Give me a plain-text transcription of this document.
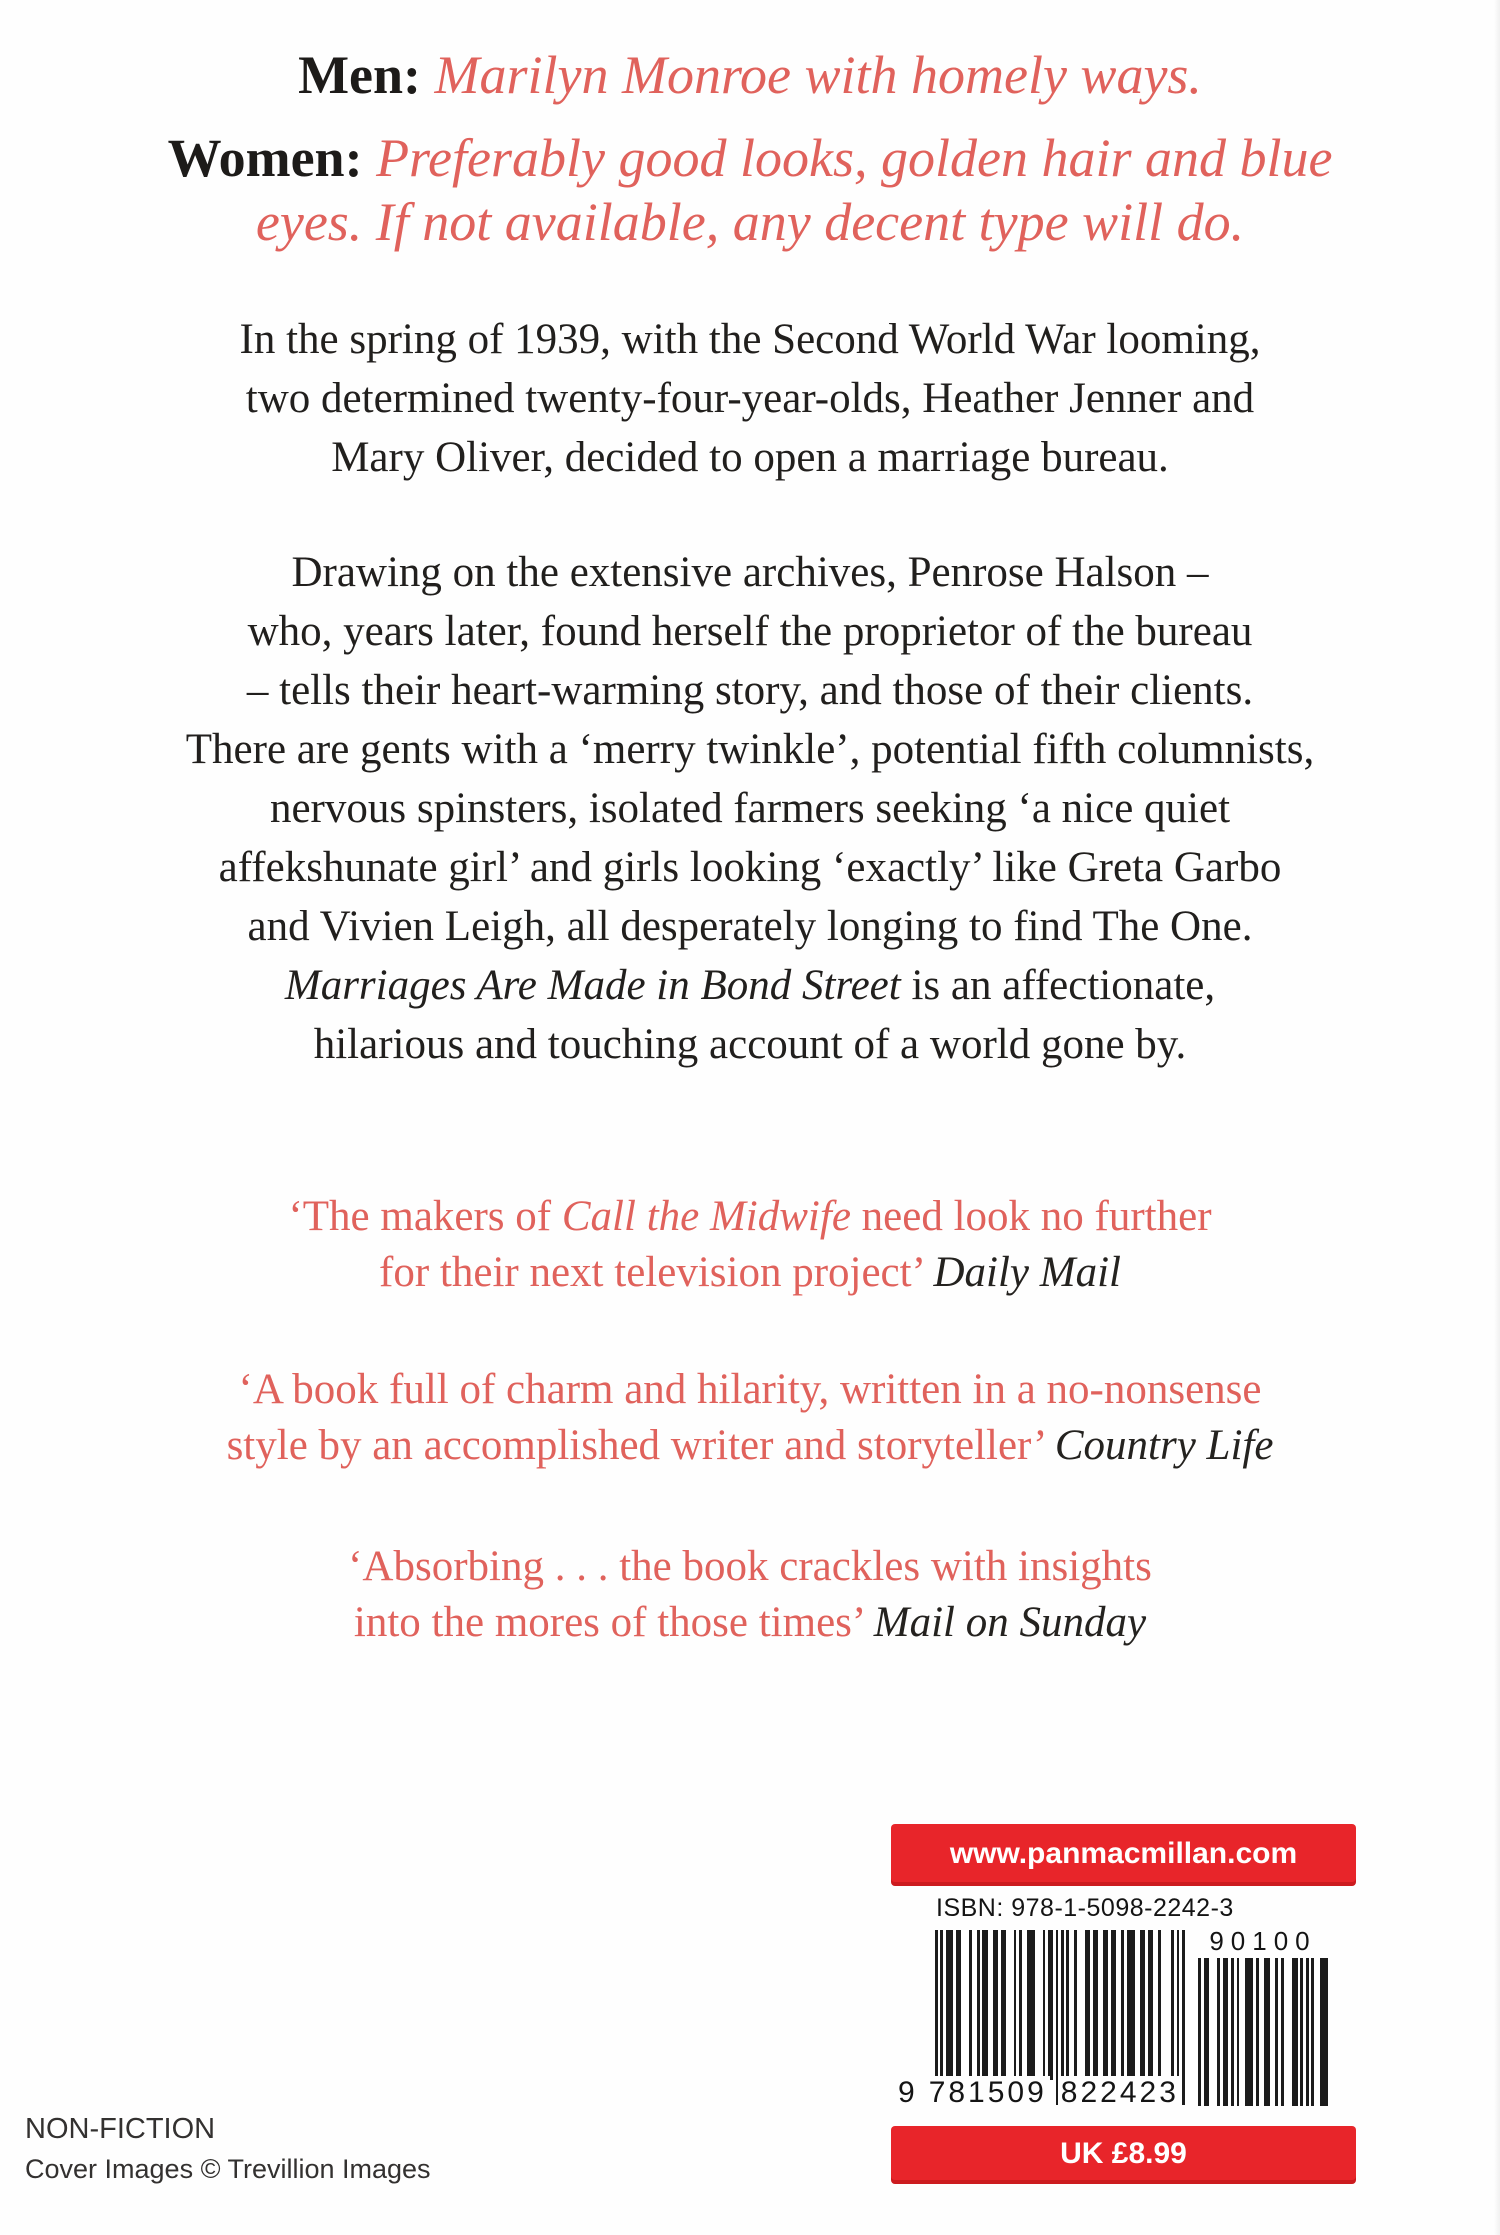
Men: Marilyn Monroe with homely ways.
Women: Preferably good looks, golden hair and blue
eyes. If not available, any decent type will do.
In the spring of 1939, with the Second World War looming,
two determined twenty-four-year-olds, Heather Jenner and
Mary Oliver, decided to open a marriage bureau.
Drawing on the extensive archives, Penrose Halson –
who, years later, found herself the proprietor of the bureau
– tells their heart-warming story, and those of their clients.
There are gents with a ‘merry twinkle’, potential fifth columnists,
nervous spinsters, isolated farmers seeking ‘a nice quiet
affekshunate girl’ and girls looking ‘exactly’ like Greta Garbo
and Vivien Leigh, all desperately longing to find The One.
Marriages Are Made in Bond Street is an affectionate,
hilarious and touching account of a world gone by.
‘The makers of Call the Midwife need look no further
for their next television project’ Daily Mail
‘A book full of charm and hilarity, written in a no-nonsense
style by an accomplished writer and storyteller’ Country Life
‘Absorbing . . . the book crackles with insights
into the mores of those times’ Mail on Sunday
www.panmacmillan.com
ISBN: 978-1-5098-2242-3
9 781509 822423
90100
UK £8.99
NON-FICTION
Cover Images © Trevillion Images
